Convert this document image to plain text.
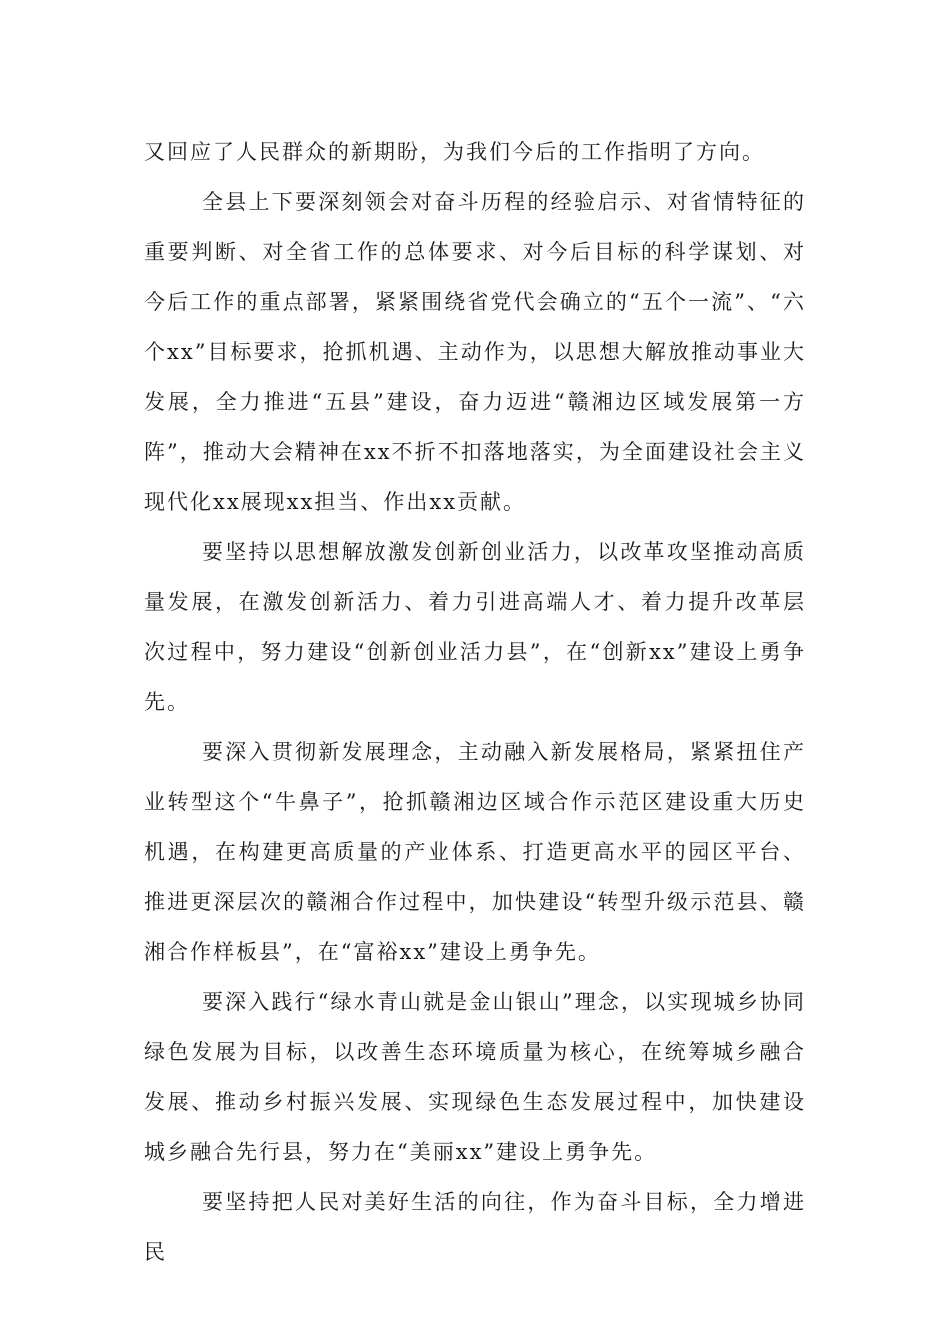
又回应了人民群众的新期盼，为我们今后的工作指明了方向。

全县上下要深刻领会对奋斗历程的经验启示、对省情特征的重要判断、对全省工作的总体要求、对今后目标的科学谋划、对今后工作的重点部署，紧紧围绕省党代会确立的“五个一流”、“六个xx”目标要求，抢抓机遇、主动作为，以思想大解放推动事业大发展，全力推进“五县”建设，奋力迈进“赣湘边区域发展第一方阵”，推动大会精神在xx不折不扣落地落实，为全面建设社会主义现代化xx展现xx担当、作出xx贡献。

要坚持以思想解放激发创新创业活力，以改革攻坚推动高质量发展，在激发创新活力、着力引进高端人才、着力提升改革层次过程中，努力建设“创新创业活力县”，在“创新xx”建设上勇争先。

要深入贯彻新发展理念，主动融入新发展格局，紧紧扭住产业转型这个“牛鼻子”，抢抓赣湘边区域合作示范区建设重大历史机遇，在构建更高质量的产业体系、打造更高水平的园区平台、推进更深层次的赣湘合作过程中，加快建设“转型升级示范县、赣湘合作样板县”，在“富裕xx”建设上勇争先。

要深入践行“绿水青山就是金山银山”理念，以实现城乡协同绿色发展为目标，以改善生态环境质量为核心，在统筹城乡融合发展、推动乡村振兴发展、实现绿色生态发展过程中，加快建设城乡融合先行县，努力在“美丽xx”建设上勇争先。

要坚持把人民对美好生活的向往，作为奋斗目标，全力增进民
